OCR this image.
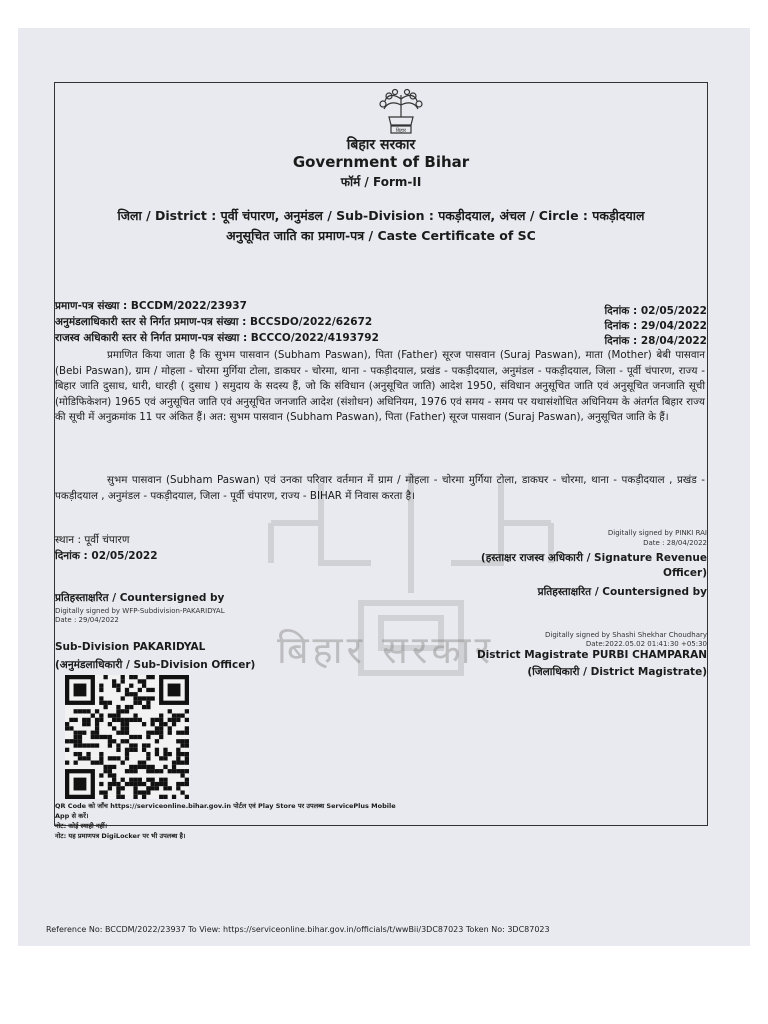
बिहार
बिहार सरकार
Government of Bihar
फॉर्म / Form-II
जिला / District : पूर्वी चंपारण, अनुमंडल / Sub-Division : पकड़ीदयाल, अंचल / Circle : पकड़ीदयाल
अनुसूचित जाति का प्रमाण-पत्र / Caste Certificate of SC
बिहार सरकार
प्रमाण-पत्र संख्या : BCCDM/2022/23937	दिनांक : 02/05/2022
अनुमंडलाधिकारी स्तर से निर्गत प्रमाण-पत्र संख्या : BCCSDO/2022/62672	दिनांक : 29/04/2022
राजस्व अधिकारी स्तर से निर्गत प्रमाण-पत्र संख्या : BCCCO/2022/4193792	दिनांक : 28/04/2022
प्रमाणित किया जाता है कि सुभम पासवान (Subham Paswan), पिता (Father) सूरज पासवान (Suraj Paswan), माता (Mother) बेबी पासवान (Bebi Paswan), ग्राम / मोहला - चोरमा मुर्गिया टोला, डाकघर - चोरमा, थाना - पकड़ीदयाल, प्रखंड - पकड़ीदयाल, अनुमंडल - पकड़ीदयाल, जिला - पूर्वी चंपारण, राज्य - बिहार जाति दुसाध, धारी, धारही ( दुसाध ) समुदाय के सदस्य हैं, जो कि संविधान (अनुसूचित जाति) आदेश 1950, संविधान अनुसूचित जाति एवं अनुसूचित जनजाति सूची (मोडिफिकेशन) 1965 एवं अनुसूचित जाति एवं अनुसूचित जनजाति आदेश (संशोधन) अधिनियम, 1976 एवं समय - समय पर यथासंशोधित अधिनियम के अंतर्गत बिहार राज्य की सूची में अनुक्रमांक 11 पर अंकित हैं। अत: सुभम पासवान (Subham Paswan), पिता (Father) सूरज पासवान (Suraj Paswan), अनुसूचित जाति के हैं।
सुभम पासवान (Subham Paswan) एवं उनका परिवार वर्तमान में ग्राम / मोहला - चोरमा मुर्गिया टोला, डाकघर - चोरमा, थाना - पकड़ीदयाल , प्रखंड - पकड़ीदयाल , अनुमंडल - पकड़ीदयाल, जिला - पूर्वी चंपारण, राज्य - BIHAR में निवास करता है।
स्थान : पूर्वी चंपारण
दिनांक : 02/05/2022
Digitally signed by PINKI RAI
Date : 28/04/2022
(हस्ताक्षर राजस्व अधिकारी / Signature Revenue
Officer)
प्रतिहस्ताक्षरित / Countersigned by
प्रतिहस्ताक्षरित / Countersigned by
Digitally signed by WFP-Subdivision-PAKARIDYAL
Date : 29/04/2022
Sub-Division PAKARIDYAL
(अनुमंडलाधिकारी / Sub-Division Officer)
Digitally signed by Shashi Shekhar Choudhary
Date:2022.05.02 01:41:30 +05:30
District Magistrate PURBI CHAMPARAN
(जिलाधिकारी / District Magistrate)
QR Code को जाँच https://serviceonline.bihar.gov.in पोर्टल एवं Play Store पर उपलब्ध ServicePlus Mobile
App से करें।
नोट: कोई स्याही नहीं।
नोट: यह प्रमाणपत्र DigiLocker पर भी उपलब्ध है।
Reference No: BCCDM/2022/23937 To View: https://serviceonline.bihar.gov.in/officials/t/wwBii/3DC87023 Token No: 3DC87023
